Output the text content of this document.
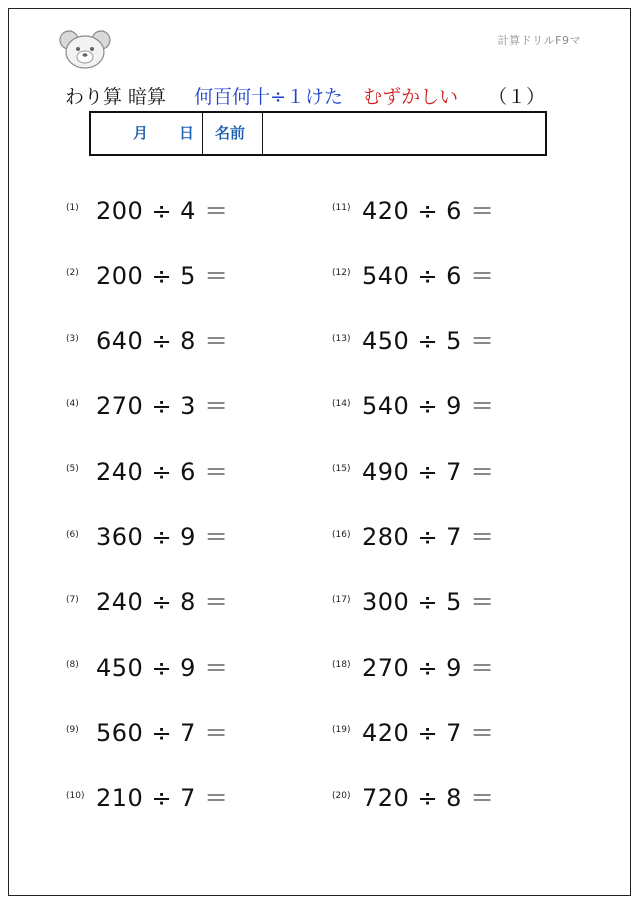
計算ドリルF9マ
わり算 暗算 何百何十÷１けた むずかしい （１）
月 日	名前
(1) 200 ÷ 4 ＝
(2) 200 ÷ 5 ＝
(3) 640 ÷ 8 ＝
(4) 270 ÷ 3 ＝
(5) 240 ÷ 6 ＝
(6) 360 ÷ 9 ＝
(7) 240 ÷ 8 ＝
(8) 450 ÷ 9 ＝
(9) 560 ÷ 7 ＝
(10) 210 ÷ 7 ＝
(11) 420 ÷ 6 ＝
(12) 540 ÷ 6 ＝
(13) 450 ÷ 5 ＝
(14) 540 ÷ 9 ＝
(15) 490 ÷ 7 ＝
(16) 280 ÷ 7 ＝
(17) 300 ÷ 5 ＝
(18) 270 ÷ 9 ＝
(19) 420 ÷ 7 ＝
(20) 720 ÷ 8 ＝
